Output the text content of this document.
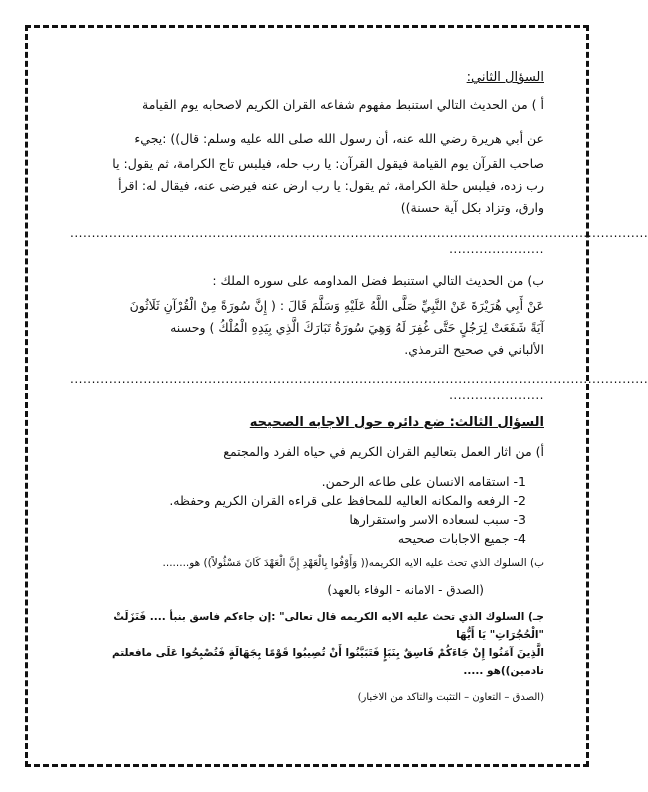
السؤال الثاني:

أ ) من الحديث التالي استنبط مفهوم شفاعه القران الكريم لاصحابه يوم القيامة

عن أبي هريرة رضي الله عنه، أن رسول الله صلى الله عليه وسلم: قال)) :يجيء

صاحب القرآن يوم القيامة فيقول القرآن: يا رب حله، فيلبس تاج الكرامة، ثم يقول: يا

رب زده، فيلبس حلة الكرامة، ثم يقول: يا رب ارض عنه فيرضى عنه، فيقال له: اقرأ

وارق، وتزاد بكل آية حسنة))

......................................................................................................................................

......................

ب) من الحديث التالي استنبط فضل المداومه على سوره الملك :

عَنْ أَبِي هُرَيْرَةَ عَنْ النَّبِيِّ صَلَّى اللَّهُ عَلَيْهِ وَسَلَّمَ قَالَ : ( إِنَّ سُورَةً مِنْ الْقُرْآنِ ثَلَاثُونَ

آيَةً شَفَعَتْ لِرَجُلٍ حَتَّى غُفِرَ لَهُ وَهِيَ سُورَةُ تَبَارَكَ الَّذِي بِيَدِهِ الْمُلْكُ ) وحسنه

الألباني في صحيح الترمذي.

......................................................................................................................................

......................

السؤال الثالث: ضع دائره حول الاجابه الصحيحه

أ) من اثار العمل بتعاليم القران الكريم في حياه الفرد والمجتمع

1- استقامه الانسان على طاعه الرحمن.

2- الرفعه والمكانه العاليه للمحافظ على قراءه القران الكريم وحفظه.

3- سبب لسعاده الاسر واستقرارها

4- جميع الاجابات صحيحه

ب) السلوك الذي تحث عليه الايه الكريمه(( وَأَوْفُوا بِالْعَهْدِ إِنَّ الْعَهْدَ كَانَ مَسْئُولاً)) هو........

(الصدق - الامانه - الوفاء بالعهد)

جـ) السلوك الذي تحث عليه الايه الكريمه قال تعالى" :إن جاءكم فاسق بنبأ .... فَنَزَلَتْ "الْحُجُرَاتِ" يَا أَيُّهَا

الَّذِينَ آمَنُوا إِنْ جَاءَكُمْ فَاسِقٌ بِنَبَإٍ فَتَبَيَّنُوا أَنْ تُصِيبُوا قَوْمًا بِجَهَالَةٍ فَتُصْبِحُوا عَلَى مافعلتم نادمين))هو .....

(الصدق – التعاون – التثبت والتاكد من الاخبار)
